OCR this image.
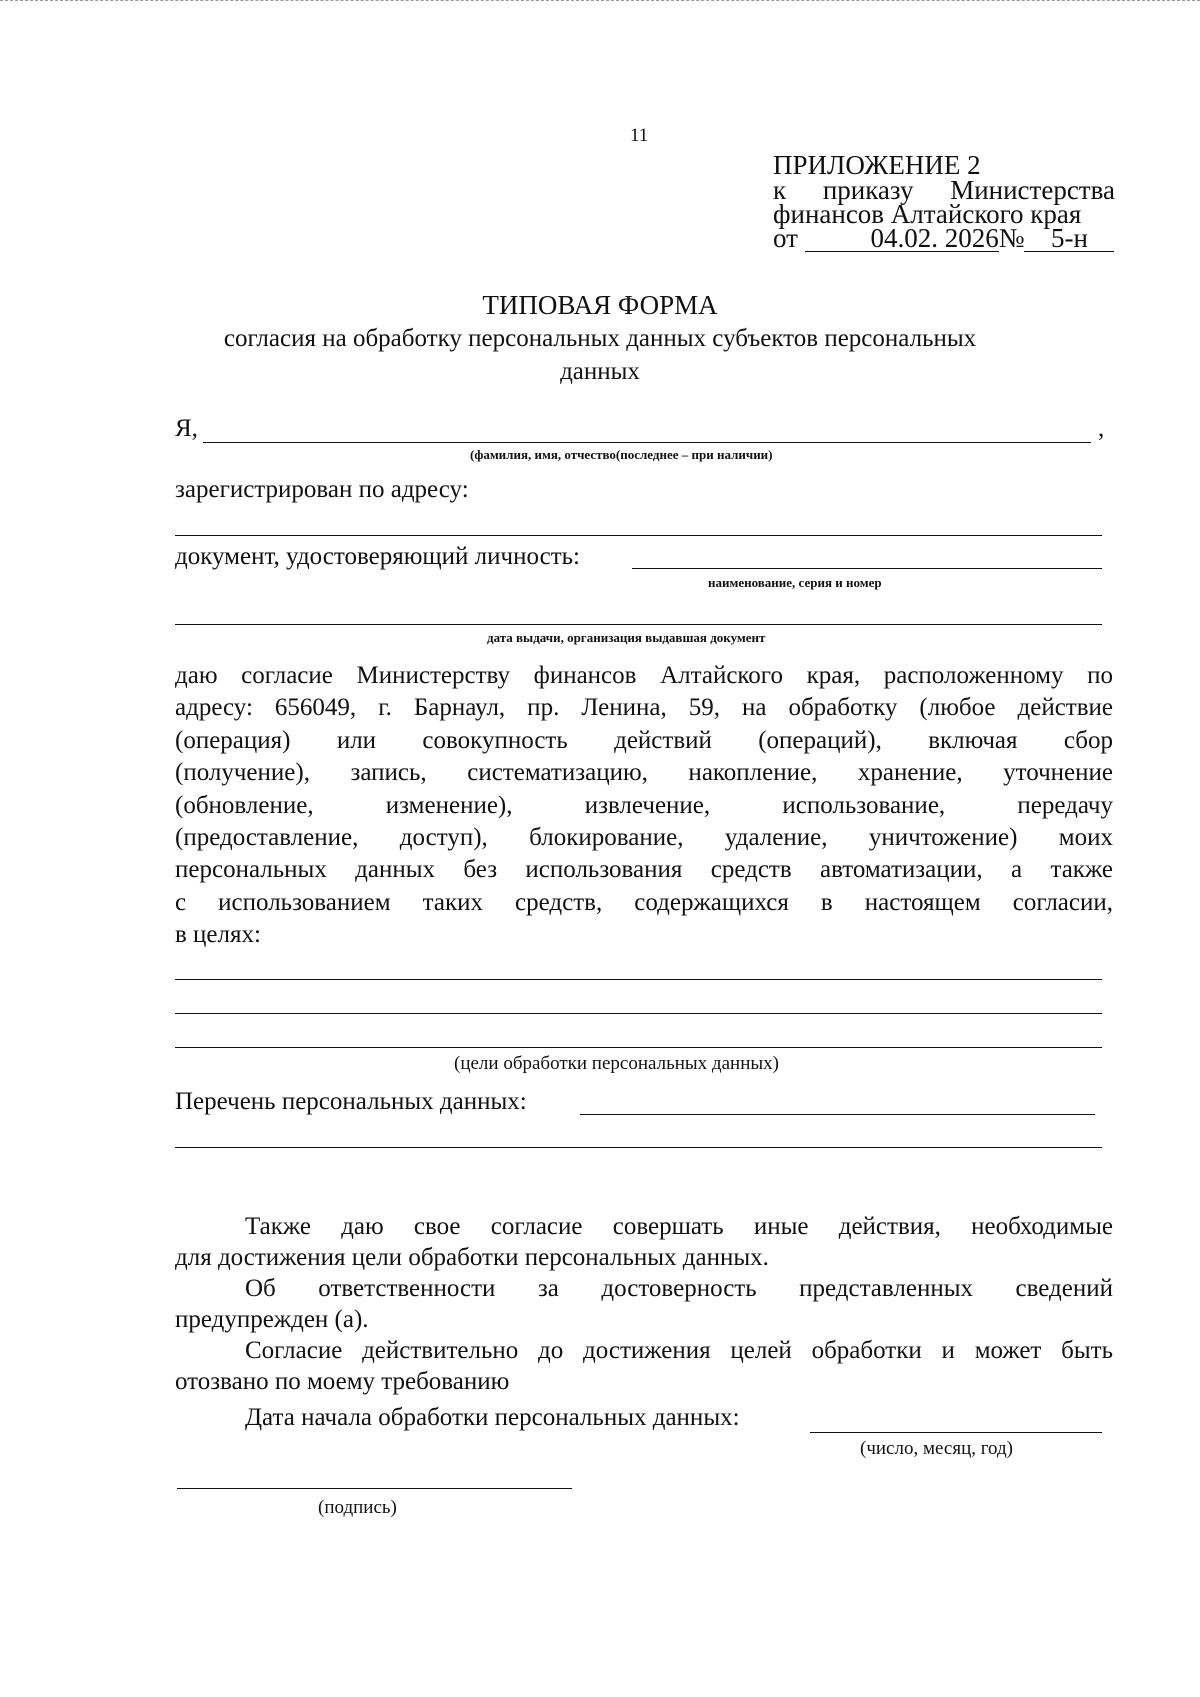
11
ПРИЛОЖЕНИЕ 2
к приказу Министерства
финансов Алтайского края
от	04.02. 2026№ 5-н
ТИПОВАЯ ФОРМА
согласия на обработку персональных данных субъектов персональных
данных
Я,	,
(фамилия, имя, отчество(последнее – при наличии)
зарегистрирован по адресу:
документ, удостоверяющий личность:
наименование, серия и номер
дата выдачи, организация выдавшая документ
даю согласие Министерству финансов Алтайского края, расположенному по
адресу: 656049, г. Барнаул, пр. Ленина, 59, на обработку (любое действие
(операция) или совокупность действий (операций), включая сбор
(получение), запись, систематизацию, накопление, хранение, уточнение
(обновление, изменение), извлечение, использование, передачу
(предоставление, доступ), блокирование, удаление, уничтожение) моих
персональных данных без использования средств автоматизации, а также
с использованием таких средств, содержащихся в настоящем согласии,
в целях:
(цели обработки персональных данных)
Перечень персональных данных:
Также даю свое согласие совершать иные действия, необходимые
для достижения цели обработки персональных данных.
Об ответственности за достоверность представленных сведений
предупрежден (а).
Согласие действительно до достижения целей обработки и может быть
отозвано по моему требованию
Дата начала обработки персональных данных:
(число, месяц, год)
(подпись)
